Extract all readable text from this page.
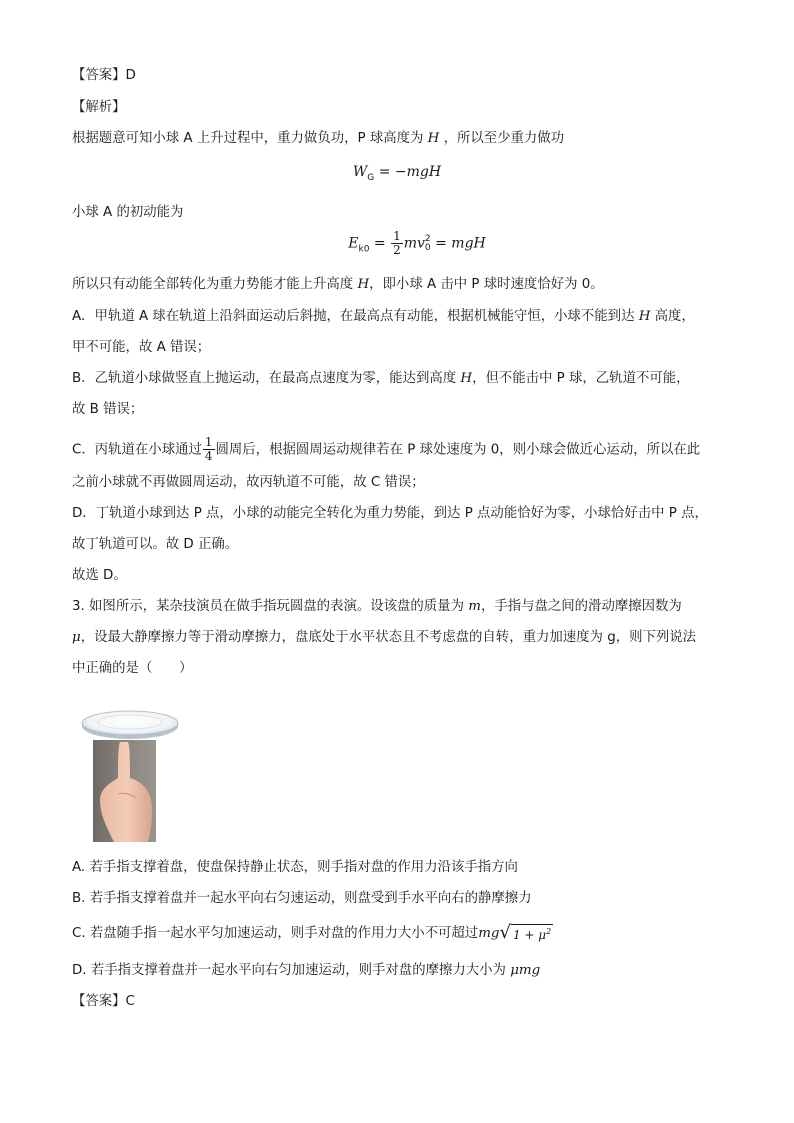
【答案】D
【解析】
根据题意可知小球 A 上升过程中，重力做负功，P 球高度为 H ，所以至少重力做功
$W_G = -mgH$
小球 A 的初动能为
$E_{k0} = \frac{1}{2}$ mv 2
0 = mgH
所以只有动能全部转化为重力势能才能上升高度 H，即小球 A 击中 P 球时速度恰好为 0。
A．甲轨道 A 球在轨道上沿斜面运动后斜抛，在最高点有动能，根据机械能守恒，小球不能到达 H 高度，
甲不可能，故 A 错误；
B．乙轨道小球做竖直上抛运动，在最高点速度为零，能达到高度 H，但不能击中 P 球，乙轨道不可能，
故 B 错误；
C．丙轨道在小球通过 $\frac{1}{4}$ 圆周后，根据圆周运动规律若在 P 球处速度为 0，则小球会做近心运动，所以在此
之前小球就不再做圆周运动，故丙轨道不可能，故 C 错误；
D．丁轨道小球到达 P 点，小球的动能完全转化为重力势能，到达 P 点动能恰好为零，小球恰好击中 P 点，
故丁轨道可以。故 D 正确。
故选 D。
3. 如图所示，某杂技演员在做手指玩圆盘的表演。设该盘的质量为 m，手指与盘之间的滑动摩擦因数为
μ，设最大静摩擦力等于滑动摩擦力，盘底处于水平状态且不考虑盘的自转，重力加速度为 g，则下列说法
中正确的是（　　）
A. 若手指支撑着盘，使盘保持静止状态，则手指对盘的作用力沿该手指方向
B. 若手指支撑着盘并一起水平向右匀速运动，则盘受到手水平向右的静摩擦力
C. 若盘随手指一起水平匀加速运动，则手对盘的作用力大小不可超过mg √ $1 + \mu^2$
D. 若手指支撑着盘并一起水平向右匀加速运动，则手对盘的摩擦力大小为 μmg
【答案】C
